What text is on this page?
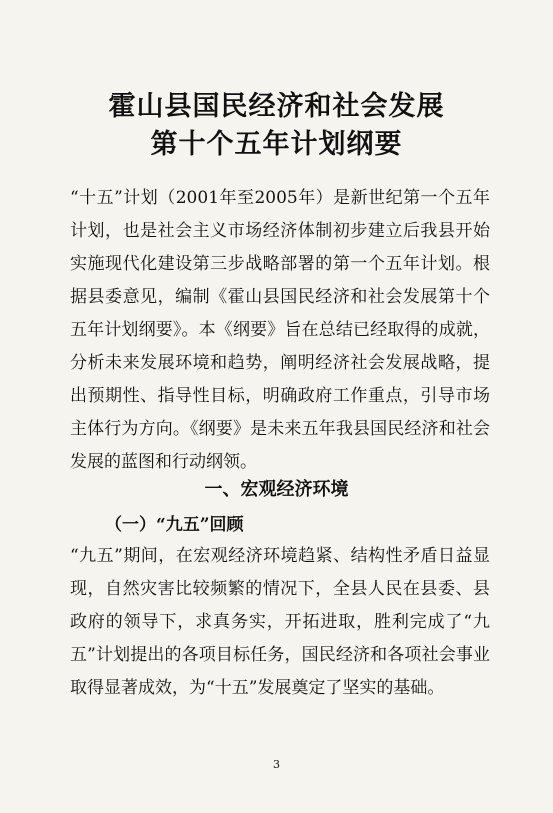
霍山县国民经济和社会发展
第十个五年计划纲要

“十五”计划（2001年至2005年）是新世纪第一个五年计划，也是社会主义市场经济体制初步建立后我县开始实施现代化建设第三步战略部署的第一个五年计划。根据县委意见，编制《霍山县国民经济和社会发展第十个五年计划纲要》。本《纲要》旨在总结已经取得的成就，分析未来发展环境和趋势，阐明经济社会发展战略，提出预期性、指导性目标，明确政府工作重点，引导市场主体行为方向。《纲要》是未来五年我县国民经济和社会发展的蓝图和行动纲领。

一、宏观经济环境
（一）“九五”回顾

“九五”期间，在宏观经济环境趋紧、结构性矛盾日益显现，自然灾害比较频繁的情况下，全县人民在县委、县政府的领导下，求真务实，开拓进取，胜利完成了“九五”计划提出的各项目标任务，国民经济和各项社会事业取得显著成效，为“十五”发展奠定了坚实的基础。

3
